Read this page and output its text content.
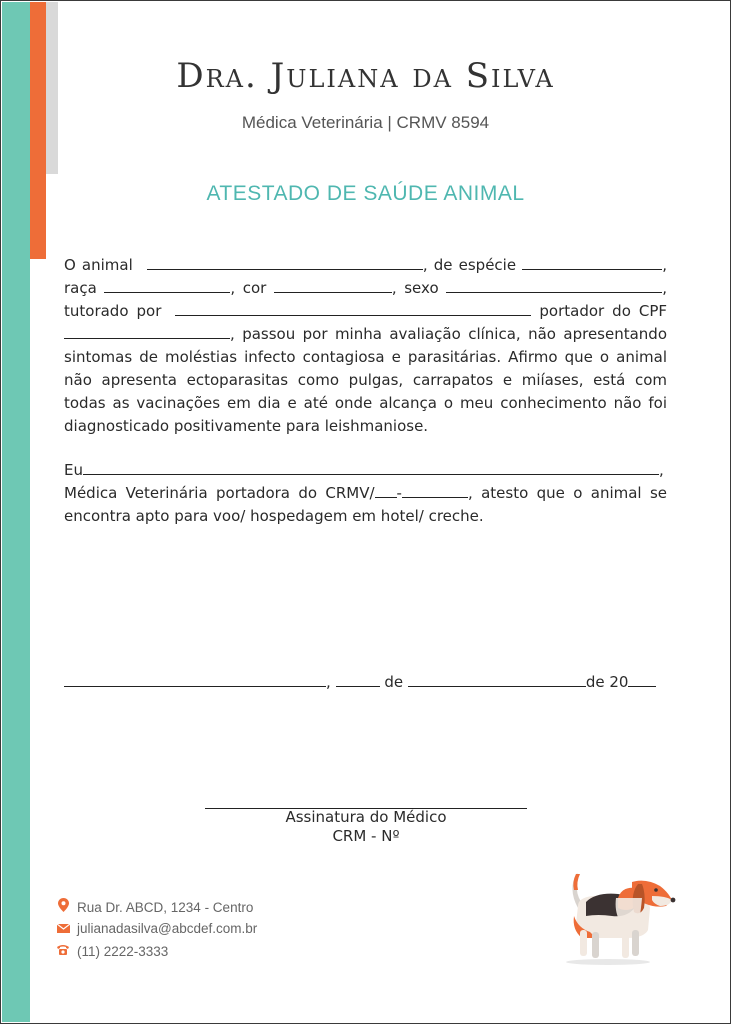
Dra. Juliana da Silva
Médica Veterinária | CRMV 8594
ATESTADO DE SAÚDE ANIMAL
O animal	, de espécie	, raça	, cor	, sexo	, tutorado por	portador do CPF , passou por minha avaliação clínica, não apresentando sintomas de moléstias infecto contagiosa e parasitárias. Afirmo que o animal não apresenta ectoparasitas como pulgas, carrapatos e miíases, está com todas as vacinações em dia e até onde alcança o meu conhecimento não foi diagnosticado positivamente para leishmaniose.
Eu	, Médica Veterinária portadora do CRMV/ -	, atesto que o animal se encontra apto para voo/ hospedagem em hotel/ creche.
,	de	de 20
Assinatura do Médico
CRM - Nº
Rua Dr. ABCD, 1234 - Centro
julianadasilva@abcdef.com.br
(11) 2222-3333
